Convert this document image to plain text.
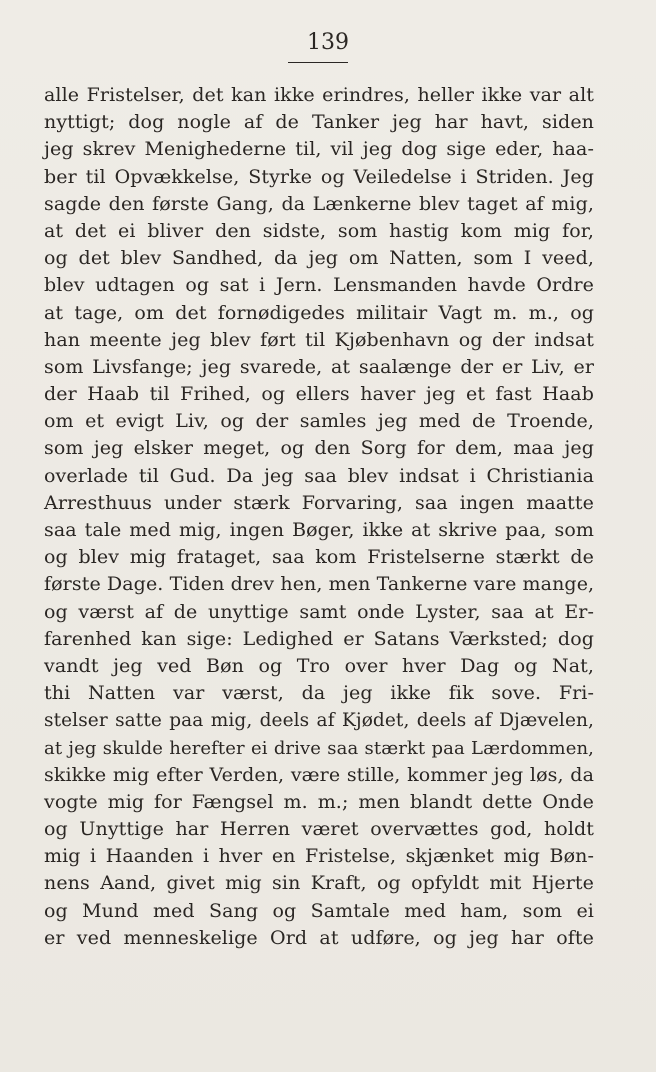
139
alle Fristelser, det kan ikke erindres, heller ikke var alt
nyttigt; dog nogle af de Tanker jeg har havt, siden
jeg skrev Menighederne til, vil jeg dog sige eder, haa-
ber til Opvækkelse, Styrke og Veiledelse i Striden. Jeg
sagde den første Gang, da Lænkerne blev taget af mig,
at det ei bliver den sidste, som hastig kom mig for,
og det blev Sandhed, da jeg om Natten, som I veed,
blev udtagen og sat i Jern. Lensmanden havde Ordre
at tage, om det fornødigedes militair Vagt m. m., og
han meente jeg blev ført til Kjøbenhavn og der indsat
som Livsfange; jeg svarede, at saalænge der er Liv, er
der Haab til Frihed, og ellers haver jeg et fast Haab
om et evigt Liv, og der samles jeg med de Troende,
som jeg elsker meget, og den Sorg for dem, maa jeg
overlade til Gud. Da jeg saa blev indsat i Christiania
Arresthuus under stærk Forvaring, saa ingen maatte
saa tale med mig, ingen Bøger, ikke at skrive paa, som
og blev mig frataget, saa kom Fristelserne stærkt de
første Dage. Tiden drev hen, men Tankerne vare mange,
og værst af de unyttige samt onde Lyster, saa at Er-
farenhed kan sige: Ledighed er Satans Værksted; dog
vandt jeg ved Bøn og Tro over hver Dag og Nat,
thi Natten var værst, da jeg ikke fik sove. Fri-
stelser satte paa mig, deels af Kjødet, deels af Djævelen,
at jeg skulde herefter ei drive saa stærkt paa Lærdommen,
skikke mig efter Verden, være stille, kommer jeg løs, da
vogte mig for Fængsel m. m.; men blandt dette Onde
og Unyttige har Herren været overvættes god, holdt
mig i Haanden i hver en Fristelse, skjænket mig Bøn-
nens Aand, givet mig sin Kraft, og opfyldt mit Hjerte
og Mund med Sang og Samtale med ham, som ei
er ved menneskelige Ord at udføre, og jeg har ofte
